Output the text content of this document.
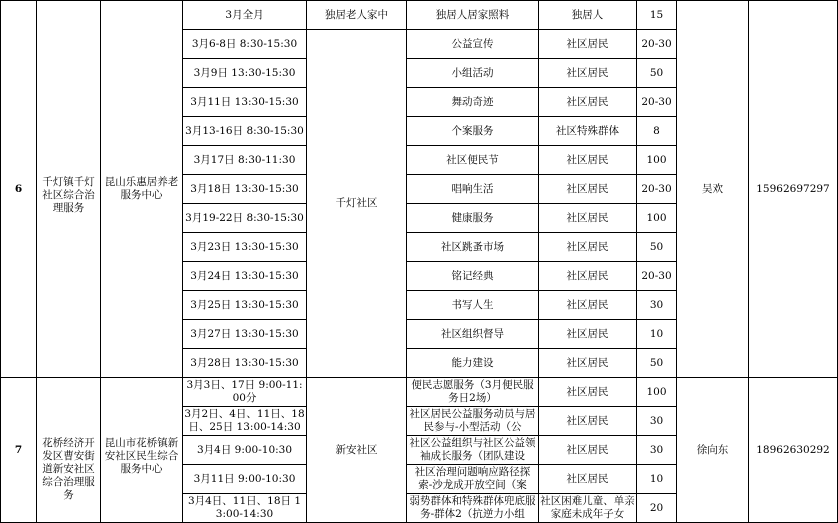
6	千灯镇千灯社区综合治理服务	昆山乐惠居养老服务中心	3月全月	独居老人家中	独居人居家照料	独居人	15	吴欢	15962697297

			3月6-8日 8:30-15:30	千灯社区	公益宣传	社区居民	20-30		

			3月9日 13:30-15:30		小组活动	社区居民	50		

			3月11日 13:30-15:30		舞动奇迹	社区居民	20-30		

			3月13-16日 8:30-15:30		个案服务	社区特殊群体	8		

			3月17日 8:30-11:30		社区便民节	社区居民	100		

			3月18日 13:30-15:30		唱响生活	社区居民	20-30		

			3月19-22日 8:30-15:30		健康服务	社区居民	100		

			3月23日 13:30-15:30		社区跳蚤市场	社区居民	50		

			3月24日 13:30-15:30		铭记经典	社区居民	20-30		

			3月25日 13:30-15:30		书写人生	社区居民	30		

			3月27日 13:30-15:30		社区组织督导	社区居民	10		

			3月28日 13:30-15:30		能力建设	社区居民	50		

7	花桥经济开发区曹安街道新安社区综合治理服务	昆山市花桥镇新安社区民生综合服务中心	3月3日、17日 9:00-11:00分	新安社区	便民志愿服务（3月便民服务日2场）	社区居民	100	徐向东	18962630292

			3月2日、4日、11日、18日、25日 13:00-14:30		社区居民公益服务动员与居民参与-小型活动（公	社区居民	30		

			3月4日 9:00-10:30		社区公益组织与社区公益领袖成长服务（团队建设	社区居民	30		

			3月11日 9:00-10:30		社区治理问题响应路径探索-沙龙成开放空间（案	社区居民	10		

			3月4日、11日、18日 13:00-14:30		弱势群体和特殊群体兜底服务-群体2（抗逆力小组	社区困难儿童、单亲家庭未成年子女	20		
